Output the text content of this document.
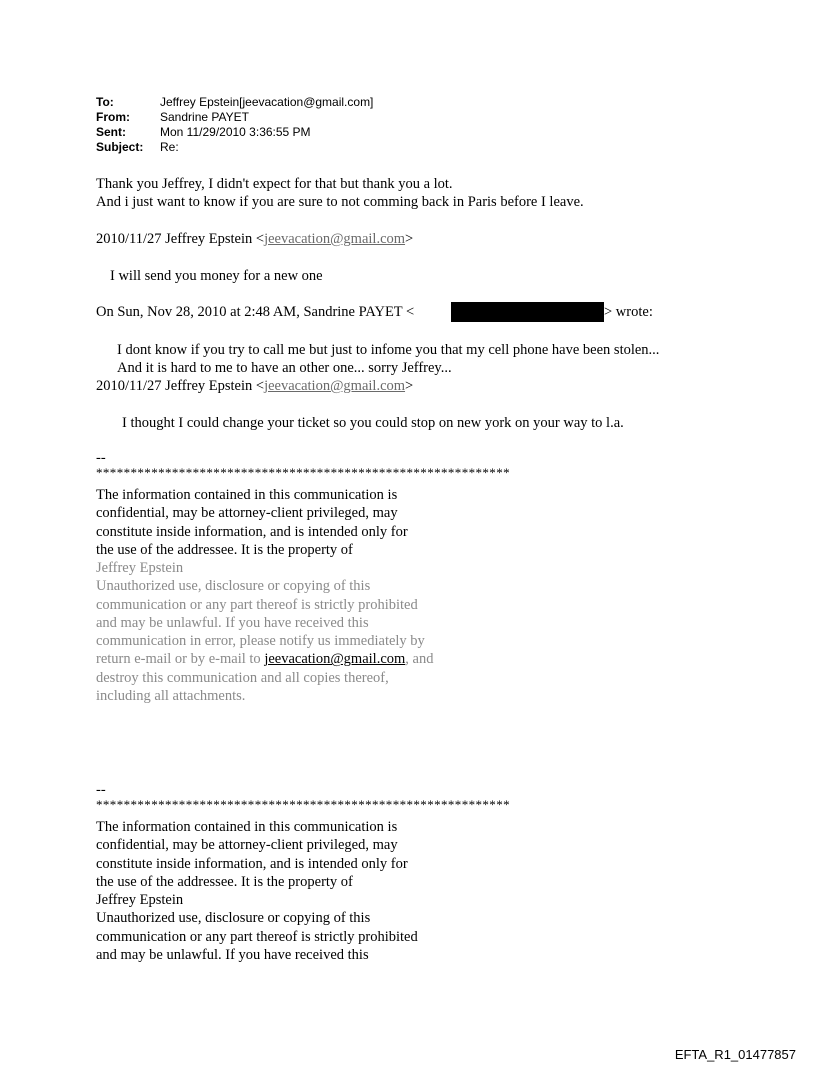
To:	Jeffrey Epstein[jeevacation@gmail.com]
From:	Sandrine PAYET
Sent:	Mon 11/29/2010 3:36:55 PM
Subject:	Re:
Thank you Jeffrey, I didn't expect for that but thank you a lot.
And i just want to know if you are sure to not comming back in Paris before I leave.
2010/11/27 Jeffrey Epstein <jeevacation@gmail.com>
I will send you money for a new one
On Sun, Nov 28, 2010 at 2:48 AM, Sandrine PAYET <	> wrote:
I dont know if you try to call me but just to infome you that my cell phone have been stolen...
And it is hard to me to have an other one... sorry Jeffrey...
2010/11/27 Jeffrey Epstein <jeevacation@gmail.com>
I thought I could change your ticket so you could stop on new york on your way to l.a.
--
************************************************************
The information contained in this communication is
confidential, may be attorney-client privileged, may
constitute inside information, and is intended only for
the use of the addressee. It is the property of
Jeffrey Epstein
Unauthorized use, disclosure or copying of this
communication or any part thereof is strictly prohibited
and may be unlawful. If you have received this
communication in error, please notify us immediately by
return e-mail or by e-mail to jeevacation@gmail.com, and
destroy this communication and all copies thereof,
including all attachments.
--
************************************************************
The information contained in this communication is
confidential, may be attorney-client privileged, may
constitute inside information, and is intended only for
the use of the addressee. It is the property of
Jeffrey Epstein
Unauthorized use, disclosure or copying of this
communication or any part thereof is strictly prohibited
and may be unlawful. If you have received this
EFTA_R1_01477857
